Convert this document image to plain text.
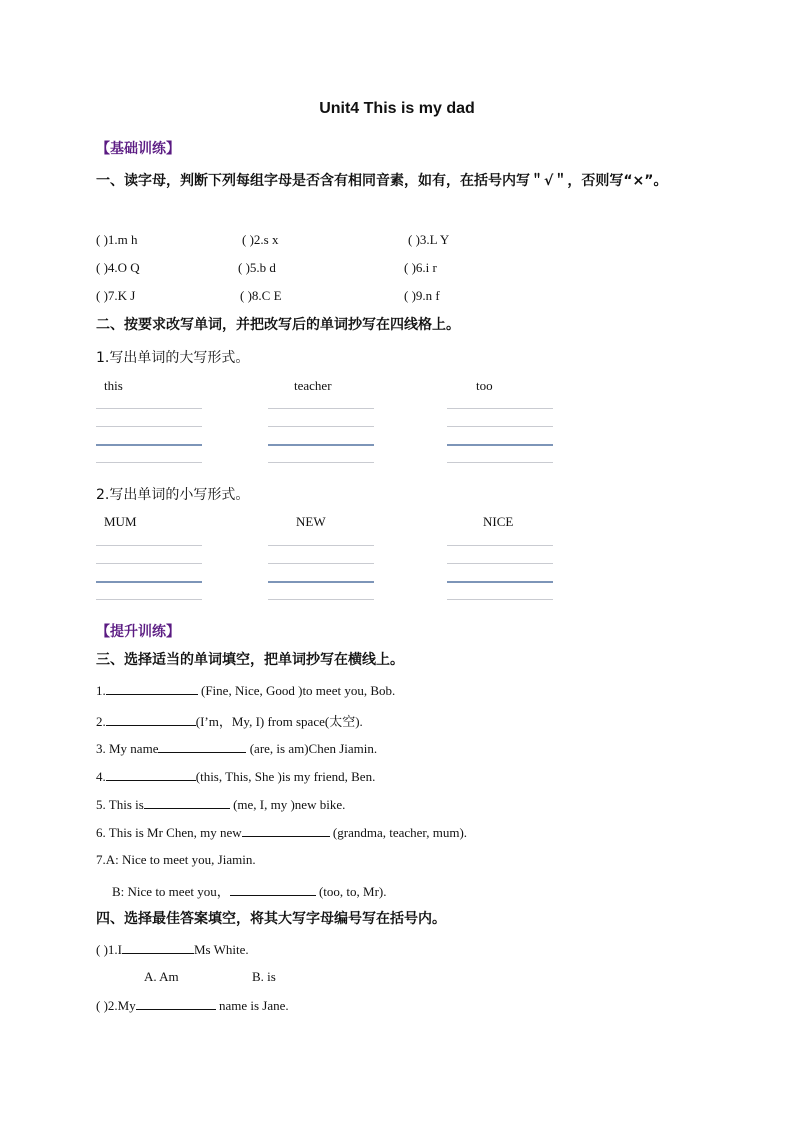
Unit4 This is my dad
【基础训练】
一、读字母，判断下列每组字母是否含有相同音素，如有，在括号内写＂√＂，否则写“×”。
( )1.m h	( )2.s x	( )3.L Y
( )4.O Q	( )5.b d	( )6.i r
( )7.K J	( )8.C E	( )9.n f
二、按要求改写单词，并把改写后的单词抄写在四线格上。
1.写出单词的大写形式。
this	teacher	too
2.写出单词的小写形式。
MUM	NEW	NICE
【提升训练】
三、选择适当的单词填空，把单词抄写在横线上。
1.	(Fine, Nice, Good )to meet you, Bob.
2.	(I’m，My, I) from space(太空).
3. My name	(are, is am)Chen Jiamin.
4.	(this, This, She )is my friend, Ben.
5. This is	(me, I, my )new bike.
6. This is Mr Chen, my new	(grandma, teacher, mum).
7.A: Nice to meet you, Jiamin.
B: Nice to meet you，	(too, to, Mr).
四、选择最佳答案填空，将其大写字母编号写在括号内。
( )1.I	Ms White.
A. Am	B. is
( )2.My	name is Jane.
